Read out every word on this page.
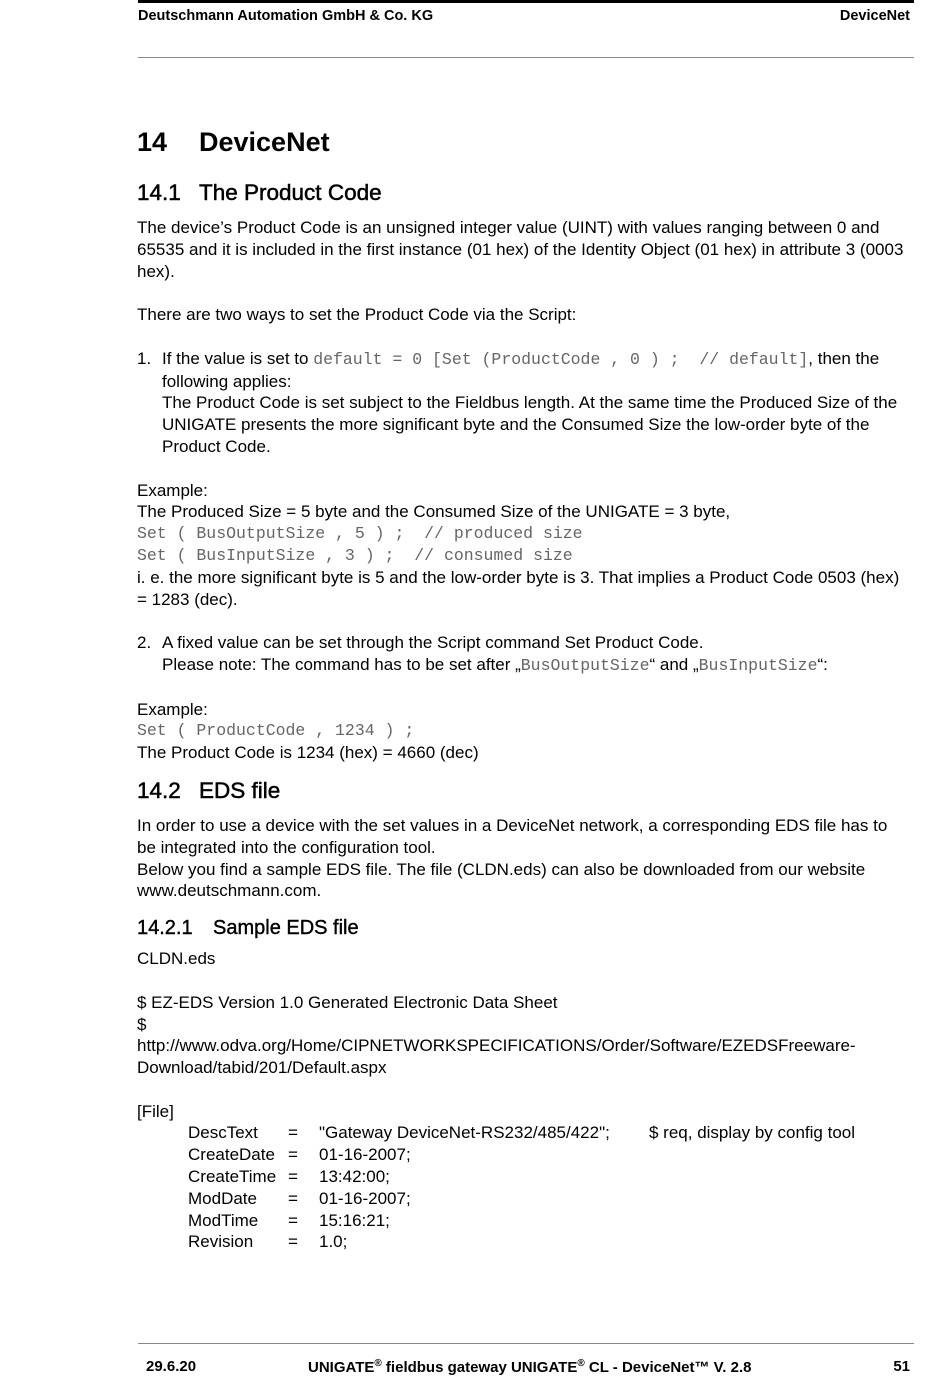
Deutschmann Automation GmbH & Co. KG	DeviceNet
14 DeviceNet
14.1 The Product Code

The device’s Product Code is an unsigned integer value (UINT) with values ranging between 0 and 65535 and it is included in the first instance (01 hex) of the Identity Object (01 hex) in attribute 3 (0003 hex).

There are two ways to set the Product Code via the Script:

1. If the value is set to default = 0 [Set (ProductCode , 0 ) ;  // default], then the following applies:

The Product Code is set subject to the Fieldbus length. At the same time the Produced Size of the UNIGATE presents the more significant byte and the Consumed Size the low-order byte of the Product Code.

Example:

The Produced Size = 5 byte and the Consumed Size of the UNIGATE = 3 byte,

Set ( BusOutputSize , 5 ) ;  // produced size

Set ( BusInputSize , 3 ) ;  // consumed size

i. e. the more significant byte is 5 and the low-order byte is 3. That implies a Product Code 0503 (hex) = 1283 (dec).

2. A fixed value can be set through the Script command Set Product Code.

Please note: The command has to be set after „BusOutputSize“ and „BusInputSize“:

Example:

Set ( ProductCode , 1234 ) ;

The Product Code is 1234 (hex) = 4660 (dec)

14.2 EDS file

In order to use a device with the set values in a DeviceNet network, a corresponding EDS file has to be integrated into the configuration tool.

Below you find a sample EDS file. The file (CLDN.eds) can also be downloaded from our website www.deutschmann.com.

14.2.1 Sample EDS file

CLDN.eds

$ EZ-EDS Version 1.0 Generated Electronic Data Sheet

$

http://www.odva.org/Home/CIPNETWORKSPECIFICATIONS/Order/Software/EZEDSFreeware-

Download/tabid/201/Default.aspx

[File]

DescText	=	"Gateway DeviceNet-RS232/485/422";	$ req, display by config tool
CreateDate =	01-16-2007;
CreateTime =	13:42:00;
ModDate	=	01-16-2007;
ModTime	=	15:16:21;
Revision	=	1.0;
29.6.20	UNIGATE® fieldbus gateway UNIGATE® CL - DeviceNet™ V. 2.8	51
